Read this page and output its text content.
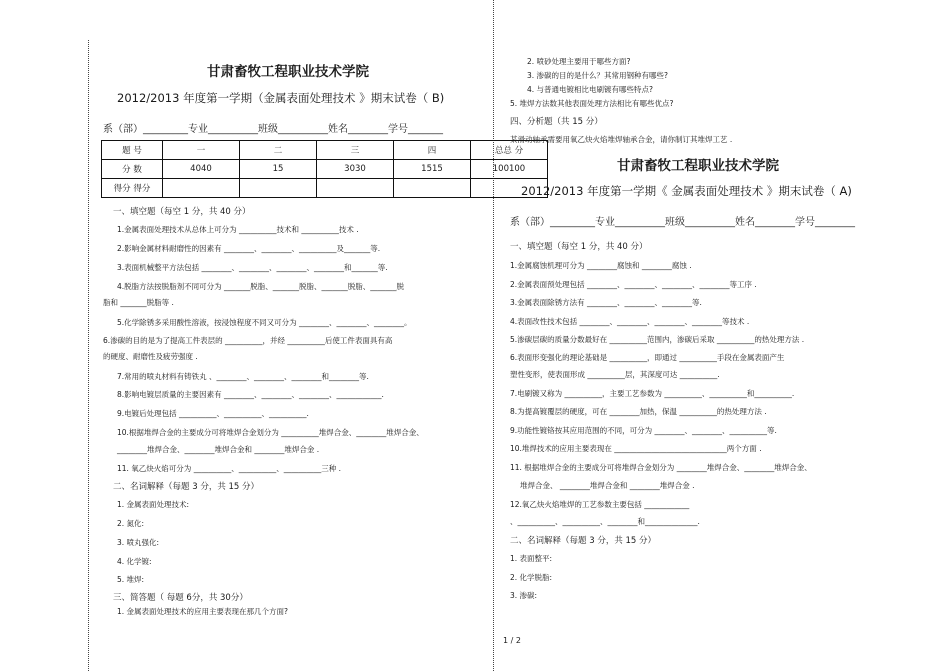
甘肃畜牧工程职业技术学院
2012/2013 年度第一学期（金属表面处理技术 》期末试卷（ B)
系（部）_________专业__________班级__________姓名________学号_______
题 号	一	二	三	四	总总 分
分 数	4040	15	3030	1515	100100
得分 得分					
一、填空题（每空 1 分，共 40 分）
1.金属表面处理技术从总体上可分为 __________技术和 __________技术 .
2.影响金属材料耐磨性的因素有 ________、________、__________及_______等.
3.表面机械整平方法包括 ________、________、________、________和_______等.
4.脱脂方法按脱脂剂不同可分为 _______脱脂、_______脱脂、_______脱脂、_______脱
脂和 _______脱脂等 .
5.化学除锈多采用酸性溶液，按浸蚀程度不同又可分为 ________、________、________。
6.渗碳的目的是为了提高工件表层的 __________，并经 __________后使工件表面具有高
的硬度、耐磨性及疲劳强度 .
7.常用的喷丸材料有铸铁丸 、________、________、________和________等.
8.影响电镀层质量的主要因素有 ________、________、________、____________.
9.电镀后处理包括 __________、__________、__________.
10.根据堆焊合金的主要成分可将堆焊合金划分为 __________堆焊合金、________堆焊合金、
________堆焊合金、________堆焊合金和 ________堆焊合金 .
11. 氧乙炔火焰可分为 __________、__________、__________三种 .
二、名词解释（每题 3 分，共 15 分）
1. 金属表面处理技术:
2. 氮化:
3. 喷丸强化:
4. 化学镀:
5. 堆焊:
三、简答题（ 每题 6分，共 30分）
1. 金属表面处理技术的应用主要表现在那几个方面?
2. 喷砂处理主要用于哪些方面?
3. 渗碳的目的是什么？其常用钢种有哪些?
4. 与普通电镀相比电刷镀有哪些特点?
5. 堆焊方法数其他表面处理方法相比有哪些优点?
四、分析题（共 15 分）
某滑动轴承需要用氧乙炔火焰堆焊轴承合金，请你制订其堆焊工艺 .
甘肃畜牧工程职业技术学院
2012/2013 年度第一学期《 金属表面处理技术 》期末试卷（ A)
系（部）_________专业__________班级__________姓名________学号________
一、填空题（每空 1 分，共 40 分）
1.金属腐蚀机理可分为 ________腐蚀和 ________腐蚀 .
2.金属表面预处理包括 ________、________、________、________等工序 .
3.金属表面除锈方法有 ________、________、________等.
4.表面改性技术包括 ________、________、________、________等技术 .
5.渗碳层碳的质量分数最好在 __________范围内，渗碳后采取 __________的热处理方法 .
6.表面形变强化的理论基础是 __________，即通过 __________手段在金属表面产生
塑性变形，使表面形成 __________层，其深度可达 __________.
7.电刷镀又称为 __________，主要工艺参数为 __________、__________和__________.
8.为提高镀覆层的硬度，可在 ________加热，保温 __________的热处理方法 .
9.功能性镀铬按其应用范围的不同，可分为 ________、________、__________等.
10.堆焊技术的应用主要表现在 ______________________________两个方面 .
11. 根据堆焊合金的主要成分可将堆焊合金划分为 ________堆焊合金、________堆焊合金、
堆焊合金、 ________堆焊合金和 ________堆焊合金 .
12.氧乙炔火焰堆焊的工艺参数主要包括 ____________
、__________、__________、________和______________.
二、名词解释（每题 3 分，共 15 分）
1. 表面整平:
2. 化学脱脂:
3. 渗碳:
1 / 2
